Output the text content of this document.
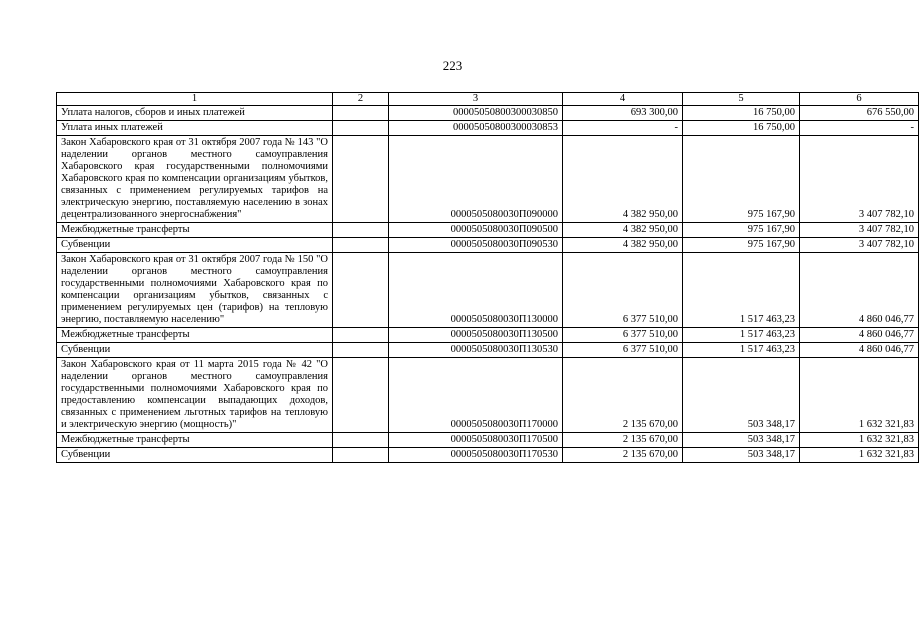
223
1	2	3	4	5	6
Уплата налогов, сборов и иных платежей		00005050800300030850	693 300,00	16 750,00	676 550,00
Уплата иных платежей		00005050800300030853	-	16 750,00	-
Закон Хабаровского края от 31 октября 2007 года № 143 "О наделении органов местного самоуправления Хабаровского края государственными полномочиями Хабаровского края по компенсации организациям убытков, связанных с применением регулируемых тарифов на электрическую энергию, поставляемую населению в зонах децентрализованного энергоснабжения"		0000505080030П090000	4 382 950,00	975 167,90	3 407 782,10
Межбюджетные трансферты		0000505080030П090500	4 382 950,00	975 167,90	3 407 782,10
Субвенции		0000505080030П090530	4 382 950,00	975 167,90	3 407 782,10
Закон Хабаровского края от 31 октября 2007 года № 150 "О наделении органов местного самоуправления государственными полномочиями Хабаровского края по компенсации организациям убытков, связанных с применением регулируемых цен (тарифов) на тепловую энергию, поставляемую населению"		0000505080030П130000	6 377 510,00	1 517 463,23	4 860 046,77
Межбюджетные трансферты		0000505080030П130500	6 377 510,00	1 517 463,23	4 860 046,77
Субвенции		0000505080030П130530	6 377 510,00	1 517 463,23	4 860 046,77
Закон Хабаровского края от 11 марта 2015 года № 42 "О наделении органов местного самоуправления государственными полномочиями Хабаровского края по предоставлению компенсации выпадающих доходов, связанных с применением льготных тарифов на тепловую и электрическую энергию (мощность)"		0000505080030П170000	2 135 670,00	503 348,17	1 632 321,83
Межбюджетные трансферты		0000505080030П170500	2 135 670,00	503 348,17	1 632 321,83
Субвенции		0000505080030П170530	2 135 670,00	503 348,17	1 632 321,83
